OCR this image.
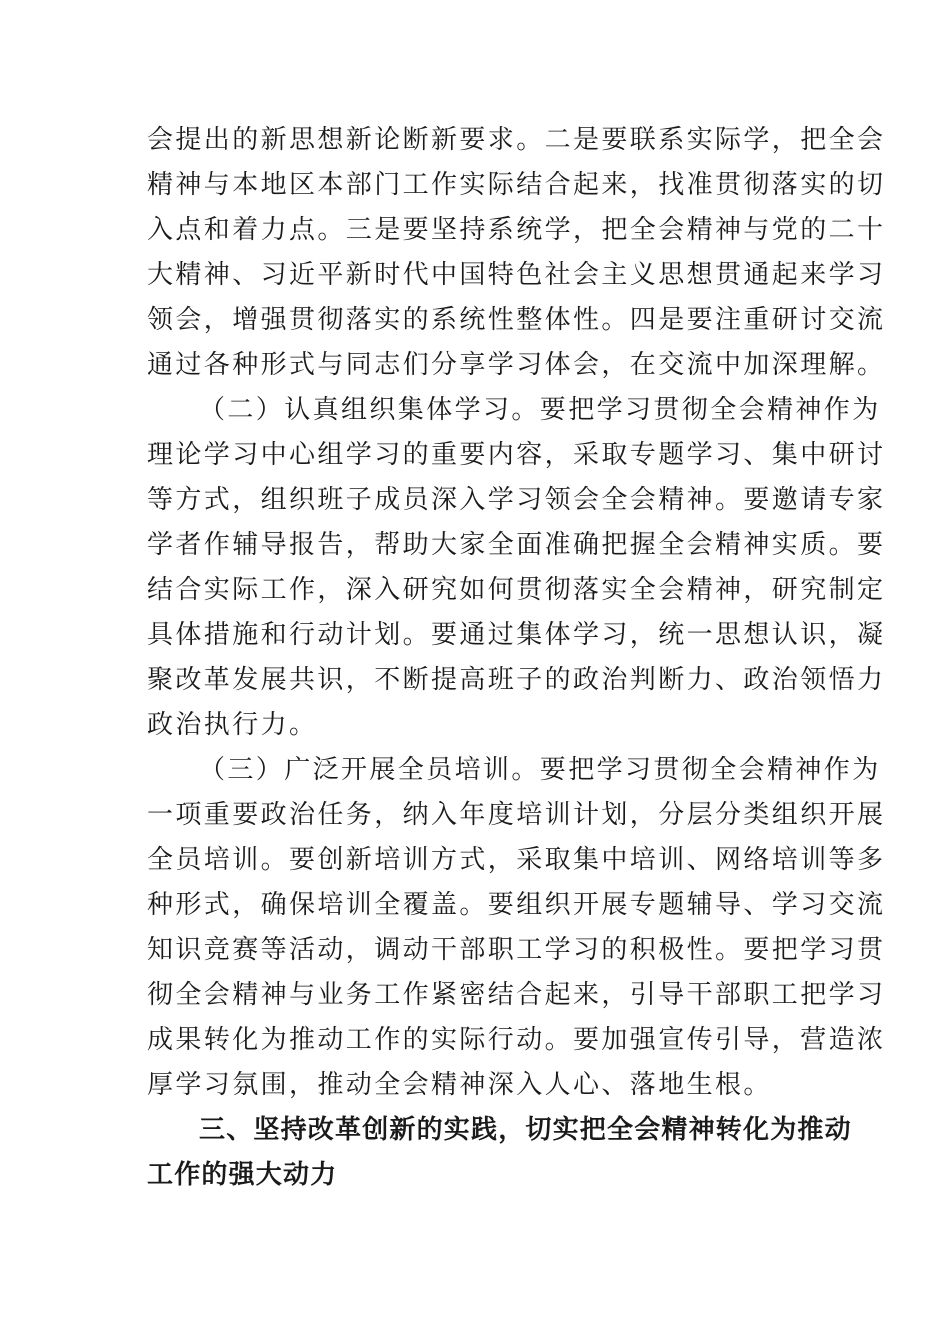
会提出的新思想新论断新要求。二是要联系实际学，把全会
精神与本地区本部门工作实际结合起来，找准贯彻落实的切
入点和着力点。三是要坚持系统学，把全会精神与党的二十
大精神、习近平新时代中国特色社会主义思想贯通起来学习
领会，增强贯彻落实的系统性整体性。四是要注重研讨交流
通过各种形式与同志们分享学习体会，在交流中加深理解。
（二）认真组织集体学习。要把学习贯彻全会精神作为
理论学习中心组学习的重要内容，采取专题学习、集中研讨
等方式，组织班子成员深入学习领会全会精神。要邀请专家
学者作辅导报告，帮助大家全面准确把握全会精神实质。要
结合实际工作，深入研究如何贯彻落实全会精神，研究制定
具体措施和行动计划。要通过集体学习，统一思想认识，凝
聚改革发展共识，不断提高班子的政治判断力、政治领悟力
政治执行力。
（三）广泛开展全员培训。要把学习贯彻全会精神作为
一项重要政治任务，纳入年度培训计划，分层分类组织开展
全员培训。要创新培训方式，采取集中培训、网络培训等多
种形式，确保培训全覆盖。要组织开展专题辅导、学习交流
知识竞赛等活动，调动干部职工学习的积极性。要把学习贯
彻全会精神与业务工作紧密结合起来，引导干部职工把学习
成果转化为推动工作的实际行动。要加强宣传引导，营造浓
厚学习氛围，推动全会精神深入人心、落地生根。
三、坚持改革创新的实践，切实把全会精神转化为推动
工作的强大动力
